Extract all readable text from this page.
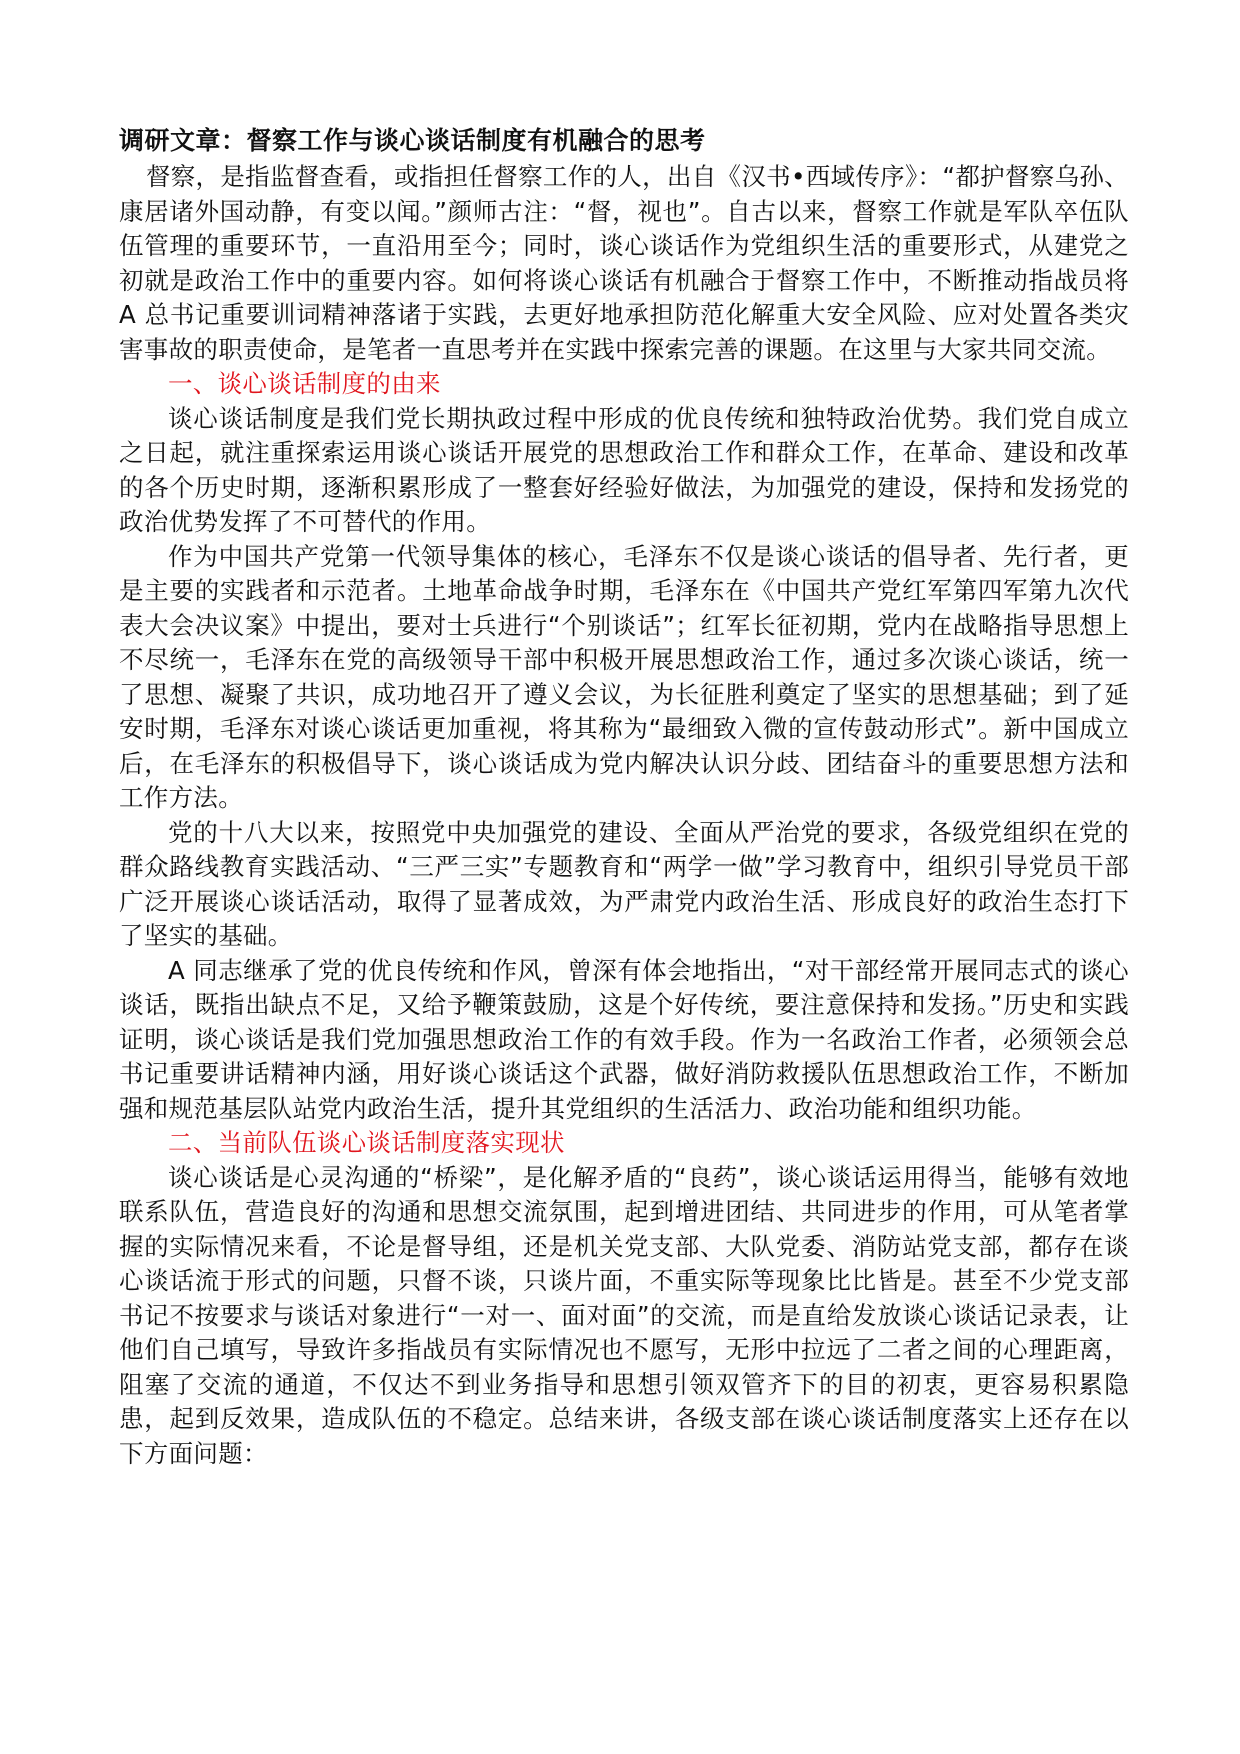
调研文章：督察工作与谈心谈话制度有机融合的思考

督察，是指监督查看，或指担任督察工作的人，出自《汉书•西域传序》：“都护督察乌孙、康居诸外国动静，有变以闻。”颜师古注：“督，视也”。自古以来，督察工作就是军队卒伍队伍管理的重要环节，一直沿用至今；同时，谈心谈话作为党组织生活的重要形式，从建党之初就是政治工作中的重要内容。如何将谈心谈话有机融合于督察工作中，不断推动指战员将 A 总书记重要训词精神落诸于实践，去更好地承担防范化解重大安全风险、应对处置各类灾害事故的职责使命，是笔者一直思考并在实践中探索完善的课题。在这里与大家共同交流。

一、谈心谈话制度的由来

谈心谈话制度是我们党长期执政过程中形成的优良传统和独特政治优势。我们党自成立之日起，就注重探索运用谈心谈话开展党的思想政治工作和群众工作，在革命、建设和改革的各个历史时期，逐渐积累形成了一整套好经验好做法，为加强党的建设，保持和发扬党的政治优势发挥了不可替代的作用。

作为中国共产党第一代领导集体的核心，毛泽东不仅是谈心谈话的倡导者、先行者，更是主要的实践者和示范者。土地革命战争时期，毛泽东在《中国共产党红军第四军第九次代表大会决议案》中提出，要对士兵进行“个别谈话”；红军长征初期，党内在战略指导思想上不尽统一，毛泽东在党的高级领导干部中积极开展思想政治工作，通过多次谈心谈话，统一了思想、凝聚了共识，成功地召开了遵义会议，为长征胜利奠定了坚实的思想基础；到了延安时期，毛泽东对谈心谈话更加重视，将其称为“最细致入微的宣传鼓动形式”。新中国成立后，在毛泽东的积极倡导下，谈心谈话成为党内解决认识分歧、团结奋斗的重要思想方法和工作方法。

党的十八大以来，按照党中央加强党的建设、全面从严治党的要求，各级党组织在党的群众路线教育实践活动、“三严三实”专题教育和“两学一做”学习教育中，组织引导党员干部广泛开展谈心谈话活动，取得了显著成效，为严肃党内政治生活、形成良好的政治生态打下了坚实的基础。

A 同志继承了党的优良传统和作风，曾深有体会地指出，“对干部经常开展同志式的谈心谈话，既指出缺点不足，又给予鞭策鼓励，这是个好传统，要注意保持和发扬。”历史和实践证明，谈心谈话是我们党加强思想政治工作的有效手段。作为一名政治工作者，必须领会总书记重要讲话精神内涵，用好谈心谈话这个武器，做好消防救援队伍思想政治工作，不断加强和规范基层队站党内政治生活，提升其党组织的生活活力、政治功能和组织功能。

二、当前队伍谈心谈话制度落实现状

谈心谈话是心灵沟通的“桥梁”，是化解矛盾的“良药”，谈心谈话运用得当，能够有效地联系队伍，营造良好的沟通和思想交流氛围，起到增进团结、共同进步的作用，可从笔者掌握的实际情况来看，不论是督导组，还是机关党支部、大队党委、消防站党支部，都存在谈心谈话流于形式的问题，只督不谈，只谈片面，不重实际等现象比比皆是。甚至不少党支部书记不按要求与谈话对象进行“一对一、面对面”的交流，而是直给发放谈心谈话记录表，让他们自己填写，导致许多指战员有实际情况也不愿写，无形中拉远了二者之间的心理距离，阻塞了交流的通道，不仅达不到业务指导和思想引领双管齐下的目的初衷，更容易积累隐患，起到反效果，造成队伍的不稳定。总结来讲，各级支部在谈心谈话制度落实上还存在以下方面问题：
